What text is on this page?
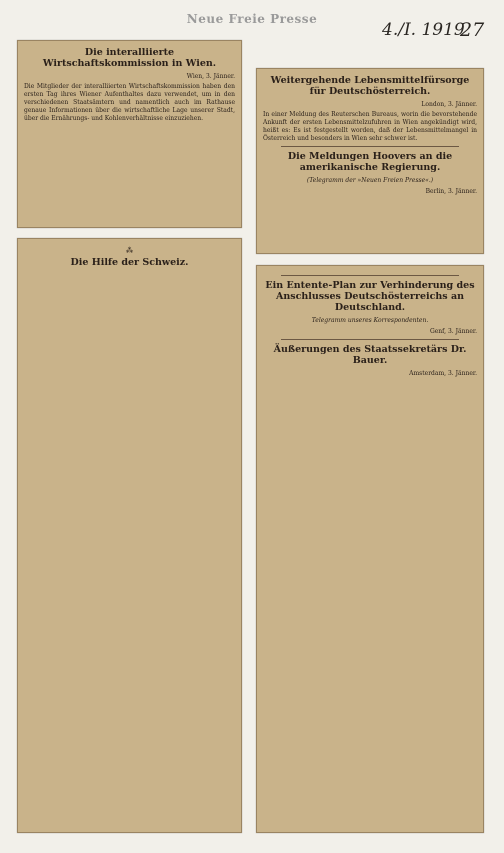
Neue Freie Presse
4./I. 1919
27
Die interalliierte Wirtschaftskommission in Wien.
Wien, 3. Jänner.

Die Mitglieder der interalliierten Wirtschaftskommission haben den ersten Tag ihres Wiener Aufenthaltes dazu verwendet, um in den verschiedenen Staatsämtern und namentlich auch im Rathause genaue Informationen über die wirtschaftliche Lage unserer Stadt, über die Ernährungs- und Kohlenverhältnisse einzuziehen.

Weitergehende Lebensmittelfürsorge für Deutschösterreich.
London, 3. Jänner.

In einer Meldung des Reuterschen Bureaus, worin die bevorstehende Ankunft der ersten Lebensmittelzufuhren in Wien angekündigt wird, heißt es: Es ist festgestellt worden, daß der Lebensmittelmangel in Österreich und besonders in Wien sehr schwer ist.

Die Meldungen Hoovers an die amerikanische Regierung.
(Telegramm der »Neuen Freien Presse«.)
Berlin, 3. Jänner.
⁂
Die Hilfe der Schweiz.
Ein Entente-Plan zur Verhinderung des Anschlusses Deutschösterreichs an Deutschland.
Telegramm unseres Korrespondenten.
Genf, 3. Jänner.
Äußerungen des Staatssekretärs Dr. Bauer.
Amsterdam, 3. Jänner.
